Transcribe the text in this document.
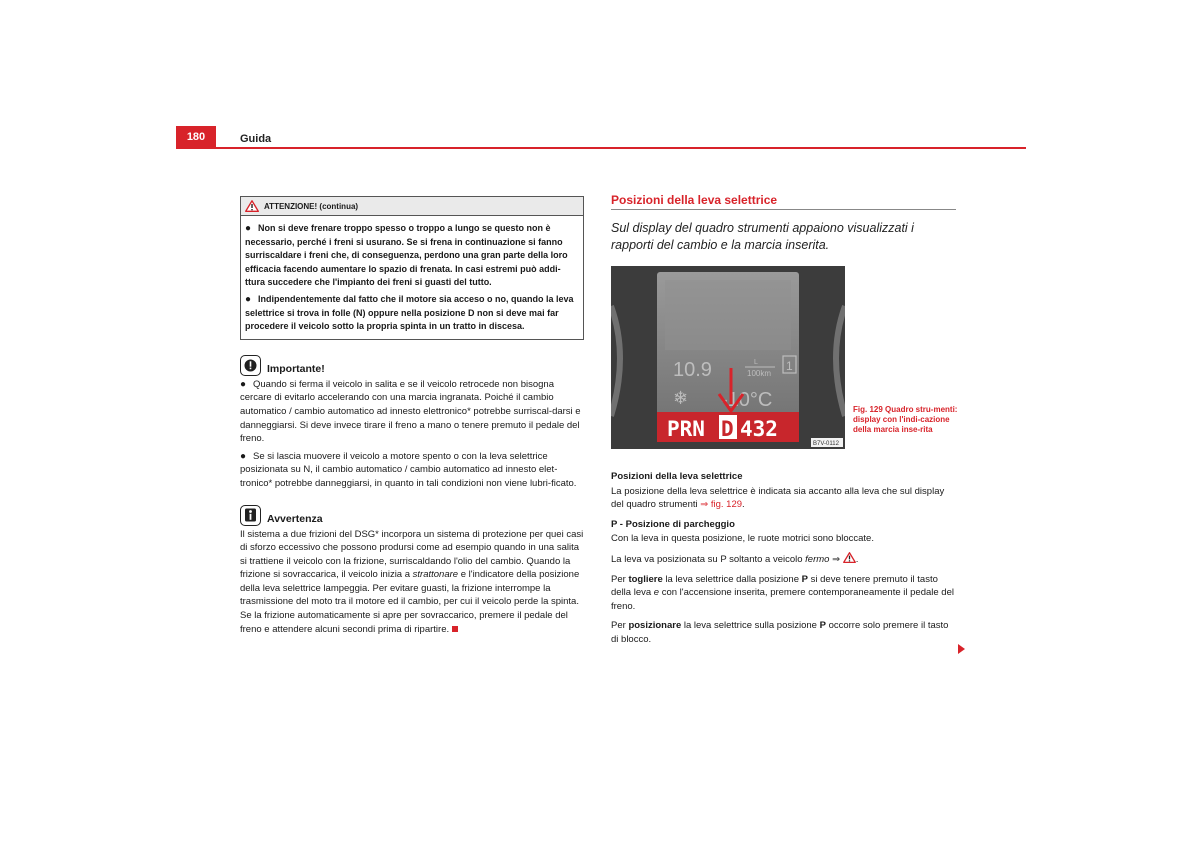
180	Guida
ATTENZIONE! (continua)

● Non si deve frenare troppo spesso o troppo a lungo se questo non è necessario, perché i freni si usurano. Se si frena in continuazione si fanno surriscaldare i freni che, di conseguenza, perdono una gran parte della loro efficacia facendo aumentare lo spazio di frenata. In casi estremi può addi-ttura succedere che l'impianto dei freni si guasti del tutto.

● Indipendentemente dal fatto che il motore sia acceso o no, quando la leva selettrice si trova in folle (N) oppure nella posizione D non si deve mai far procedere il veicolo sotto la propria spinta in un tratto in discesa.

Importante!

● Quando si ferma il veicolo in salita e se il veicolo retrocede non bisogna cercare di evitarlo accelerando con una marcia ingranata. Poiché il cambio automatico / cambio automatico ad innesto elettronico* potrebbe surriscal-darsi e danneggiarsi. Si deve invece tirare il freno a mano o tenere premuto il pedale del freno.

● Se si lascia muovere il veicolo a motore spento o con la leva selettrice posizionata su N, il cambio automatico / cambio automatico ad innesto elet-tronico* potrebbe danneggiarsi, in quanto in tali condizioni non viene lubri-ficato.

Avvertenza

Il sistema a due frizioni del DSG* incorpora un sistema di protezione per quei casi di sforzo eccessivo che possono prodursi come ad esempio quando in una salita si trattiene il veicolo con la frizione, surriscaldando l'olio del cambio. Quando la frizione si sovraccarica, il veicolo inizia a strattonare e l'indicatore della posizione della leva selettrice lampeggia. Per evitare guasti, la frizione interrompe la trasmissione del moto tra il motore ed il cambio, per cui il veicolo perde la spinta. Se la frizione automaticamente si apre per sovraccarico, premere il pedale del freno e attendere alcuni secondi prima di ripartire.

Posizioni della leva selettrice
Sul display del quadro strumenti appaiono visualizzati i rapporti del cambio e la marcia inserita.
10.9	L
100km
1
❄ -10°C
PRN D 432
B7V-0112
Fig. 129 Quadro stru-menti: display con l'indi-cazione della marcia inse-rita

Posizioni della leva selettrice

La posizione della leva selettrice è indicata sia accanto alla leva che sul display del quadro strumenti ⇒ fig. 129.

P - Posizione di parcheggio

Con la leva in questa posizione, le ruote motrici sono bloccate.

La leva va posizionata su P soltanto a veicolo fermo ⇒ .

Per togliere la leva selettrice dalla posizione P si deve tenere premuto il tasto della leva e con l'accensione inserita, premere contemporaneamente il pedale del freno.

Per posizionare la leva selettrice sulla posizione P occorre solo premere il tasto di blocco.
